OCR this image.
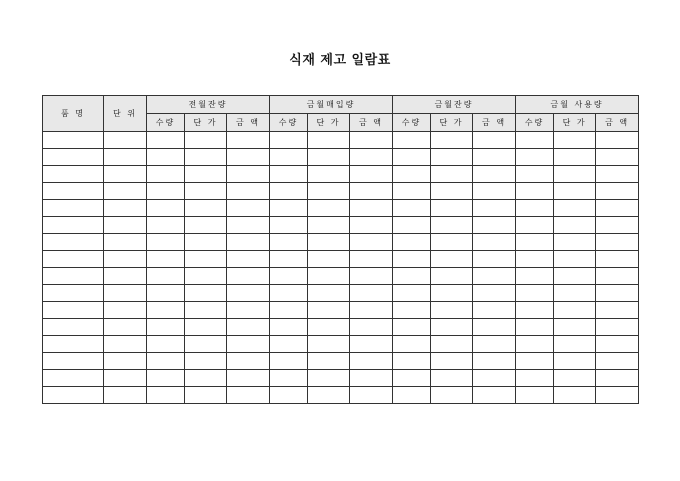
식재 제고 일람표
품 명	단 위	전월잔량			금월매입량			금월잔량			금월 사용량		
		수량	단 가	금 액	수량	단 가	금 액	수량	단 가	금 액	수량	단 가	금 액
